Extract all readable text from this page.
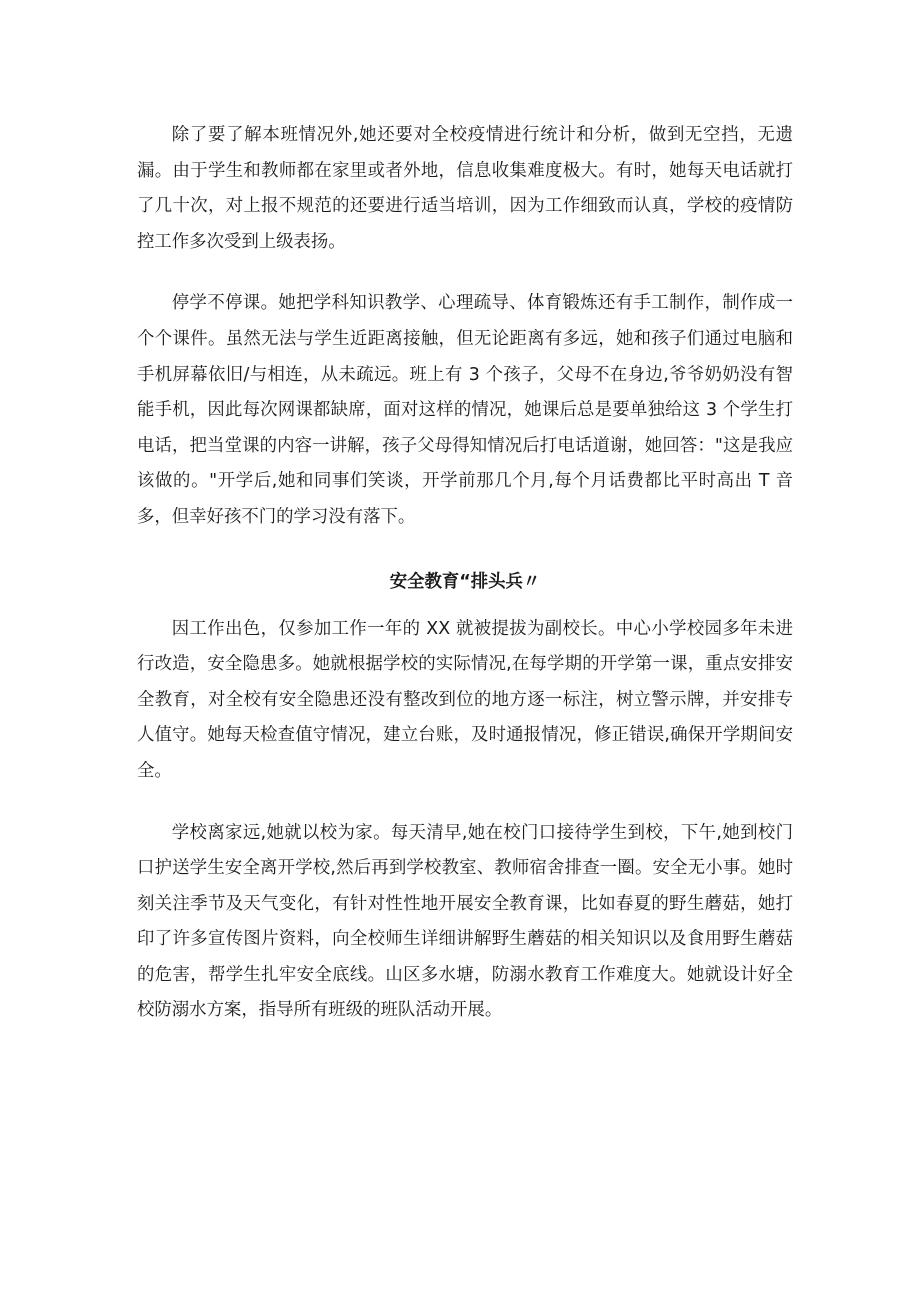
除了要了解本班情况外,她还要对全校疫情进行统计和分析，做到无空挡，无遗漏。由于学生和教师都在家里或者外地，信息收集难度极大。有时，她每天电话就打了几十次，对上报不规范的还要进行适当培训，因为工作细致而认真，学校的疫情防控工作多次受到上级表扬。

停学不停课。她把学科知识教学、心理疏导、体育锻炼还有手工制作，制作成一个个课件。虽然无法与学生近距离接触，但无论距离有多远，她和孩子们通过电脑和手机屏幕依旧/与相连，从未疏远。班上有 3 个孩子，父母不在身边,爷爷奶奶没有智能手机，因此每次网课都缺席，面对这样的情况，她课后总是要单独给这 3 个学生打电话，把当堂课的内容一讲解，孩子父母得知情况后打电话道谢，她回答："这是我应该做的。"开学后,她和同事们笑谈，开学前那几个月,每个月话费都比平时高出 T 音多，但幸好孩不门的学习没有落下。

安全教育“排头兵〃

因工作出色，仅参加工作一年的 XX 就被提拔为副校长。中心小学校园多年未进行改造，安全隐患多。她就根据学校的实际情况,在每学期的开学第一课，重点安排安全教育，对全校有安全隐患还没有整改到位的地方逐一标注，树立警示牌，并安排专人值守。她每天检查值守情况，建立台账，及时通报情况，修正错误,确保开学期间安全。

学校离家远,她就以校为家。每天清早,她在校门口接待学生到校，下午,她到校门口护送学生安全离开学校,然后再到学校教室、教师宿舍排查一圈。安全无小事。她时刻关注季节及天气变化，有针对性性地开展安全教育课，比如春夏的野生蘑菇，她打印了许多宣传图片资料，向全校师生详细讲解野生蘑菇的相关知识以及食用野生蘑菇的危害，帮学生扎牢安全底线。山区多水塘，防溺水教育工作难度大。她就设计好全校防溺水方案，指导所有班级的班队活动开展。
